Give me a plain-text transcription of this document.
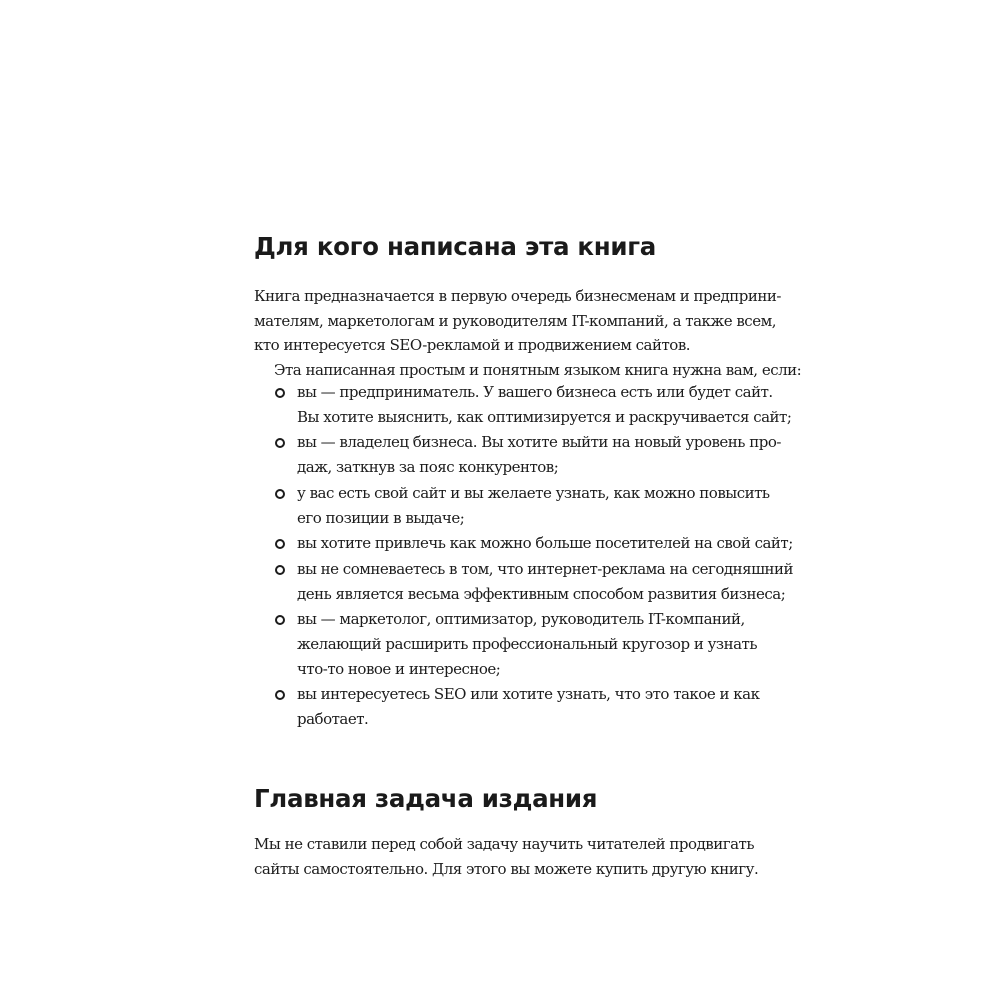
Для кого написана эта книга
Книга предназначается в первую очередь бизнесменам и предприни-
мателям, маркетологам и руководителям IT-компаний, а также всем,
кто интересуется SEO-рекламой и продвижением сайтов.
Эта написанная простым и понятным языком книга нужна вам, если:
вы — предприниматель. У вашего бизнеса есть или будет сайт.
Вы хотите выяснить, как оптимизируется и раскручивается сайт;
вы — владелец бизнеса. Вы хотите выйти на новый уровень про-
даж, заткнув за пояс конкурентов;
у вас есть свой сайт и вы желаете узнать, как можно повысить
его позиции в выдаче;
вы хотите привлечь как можно больше посетителей на свой сайт;
вы не сомневаетесь в том, что интернет-реклама на сегодняшний
день является весьма эффективным способом развития бизнеса;
вы — маркетолог, оптимизатор, руководитель IT-компаний,
желающий расширить профессиональный кругозор и узнать
что-то новое и интересное;
вы интересуетесь SEO или хотите узнать, что это такое и как
работает.
Главная задача издания
Мы не ставили перед собой задачу научить читателей продвигать
сайты самостоятельно. Для этого вы можете купить другую книгу.
